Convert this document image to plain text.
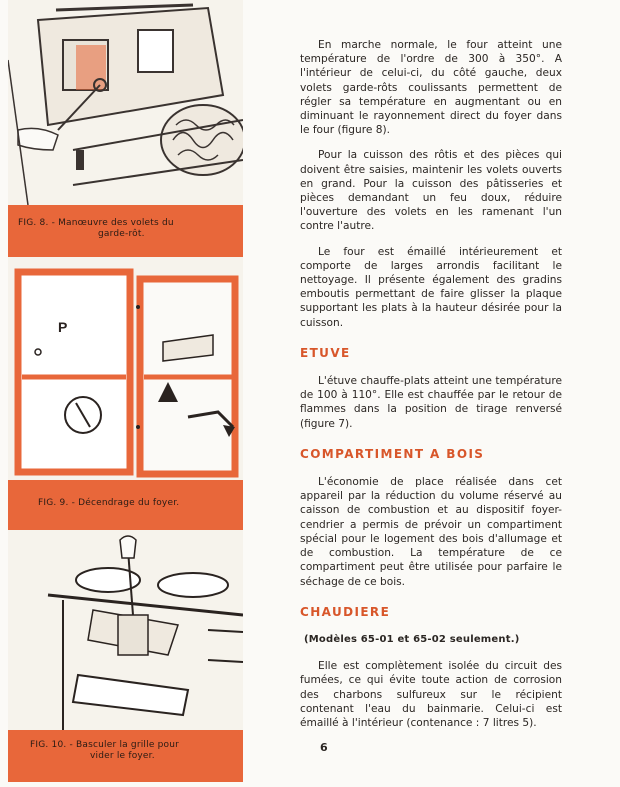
FIG. 8. - Manœuvre des volets du
garde-rôt.
P
FIG. 9. - Décendrage du foyer.
FIG. 10. - Basculer la grille pour
vider le foyer.

En marche normale, le four atteint une température de l'ordre de 300 à 350°. A l'intérieur de celui-ci, du côté gauche, deux volets garde-rôts coulissants permettent de régler sa température en augmentant ou en diminuant le rayonnement direct du foyer dans le four (figure 8).

Pour la cuisson des rôtis et des pièces qui doivent être saisies, maintenir les volets ouverts en grand. Pour la cuisson des pâtisseries et pièces demandant un feu doux, réduire l'ouverture des volets en les ramenant l'un contre l'autre.

Le four est émaillé intérieurement et comporte de larges arrondis facilitant le nettoyage. Il présente également des gradins emboutis permettant de faire glisser la plaque supportant les plats à la hauteur désirée pour la cuisson.

ETUVE

L'étuve chauffe-plats atteint une température de 100 à 110°. Elle est chauffée par le retour de flammes dans la position de tirage renversé (figure 7).

COMPARTIMENT A BOIS

L'économie de place réalisée dans cet appareil par la réduction du volume réservé au caisson de combustion et au dispositif foyer-cendrier a permis de prévoir un compartiment spécial pour le logement des bois d'allumage et de combustion. La température de ce compartiment peut être utilisée pour parfaire le séchage de ce bois.

CHAUDIERE
(Modèles 65-01 et 65-02 seulement.)

Elle est complètement isolée du circuit des fumées, ce qui évite toute action de corrosion des charbons sulfureux sur le récipient contenant l'eau du bainmarie. Celui-ci est émaillé à l'intérieur (contenance : 7 litres 5).

6
